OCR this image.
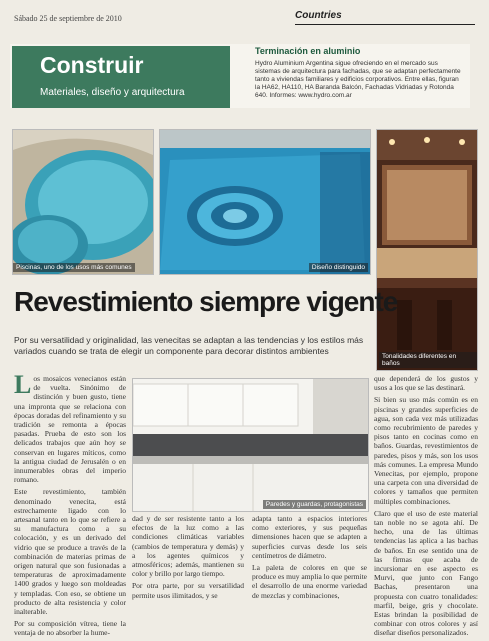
Sábado 25 de septiembre de 2010	Countries
Construir
Materiales, diseño y arquitectura
Terminación en aluminio
Hydro Aluminium Argentina sigue ofreciendo en el mercado sus sistemas de arquitectura para fachadas, que se adaptan perfectamente tanto a viviendas familiares y edificios corporativos. Entre ellas, figuran la HA62, HA110, HA Baranda Balcón, Fachadas Vidriadas y Rotonda 640. Informes: www.hydro.com.ar
Piscinas, uno de los usos más comunes	Diseño distinguido
Tonalidades diferentes en baños
Revestimiento siempre vigente
Por su versatilidad y originalidad, las venecitas se adaptan a las tendencias y los estilos más variados cuando se trata de elegir un componente para decorar distintos ambientes

Los mosaicos venecianos están de vuelta. Sinónimo de distinción y buen gusto, tiene una impronta que se relaciona con épocas doradas del refinamiento y su tradición se remonta a épocas pasadas. Prueba de esto son los delicados trabajos que aún hoy se conservan en lugares míticos, como la antigua ciudad de Jerusalén o en innumerables obras del imperio romano.

Este revestimiento, también denominado venecita, está estrechamente ligado con lo artesanal tanto en lo que se refiere a su manufactura como a su colocación, y es un derivado del vidrio que se produce a través de la combinación de materias primas de origen natural que son fusionadas a temperaturas de aproximadamente 1400 grados y luego son moldeadas y templadas. Con eso, se obtiene un producto de alta resistencia y color inalterable.

Por su composición vítrea, tiene la ventaja de no absorber la hume-

Paredes y guardas, protagonistas

dad y de ser resistente tanto a los efectos de la luz como a las condiciones climáticas variables (cambios de temperatura y demás) y a los agentes químicos y atmosféricos; además, mantienen su color y brillo por largo tiempo.

Por otra parte, por su versatilidad permite usos ilimitados, y se

adapta tanto a espacios interiores como exteriores, y sus pequeñas dimensiones hacen que se adapten a superficies curvas desde los seis centímetros de diámetro.

La paleta de colores en que se produce es muy amplia lo que permite el desarrollo de una enorme variedad de mezclas y combinaciones,

que dependerá de los gustos y usos a los que se las destinará.

Si bien su uso más común es en piscinas y grandes superficies de agua, son cada vez más utilizadas como recubrimiento de paredes y pisos tanto en cocinas como en baños. Guardas, revestimientos de paredes, pisos y más, son los usos más comunes. La empresa Mundo Venecitas, por ejemplo, propone una carpeta con una diversidad de colores y tamaños que permiten múltiples combinaciones.

Claro que el uso de este material tan noble no se agota ahí. De hecho, una de las últimas tendencias las aplica a las bachas de baños. En ese sentido una de las firmas que acaba de incursionar en ese aspecto es Murvi, que junto con Fango Bachas, presentaron una propuesta con cuatro tonalidades: marfil, beige, gris y chocolate. Estas brindan la posibilidad de combinar con otros colores y así diseñar diseños personalizados.
